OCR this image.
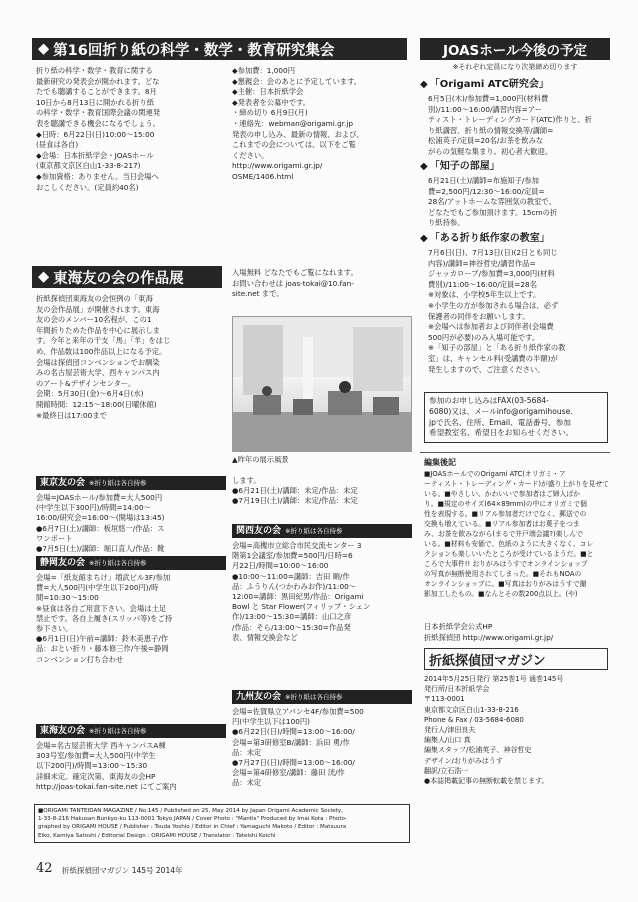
◆ 第16回折り紙の科学・数学・教育研究集会

折り紙の科学・数学・教育に関する
最新研究の発表会が開かれます。どな
たでも聴講することができます。8月
10日から8月13日に開かれる折り紙
の科学・数学・教育国際会議の関連発
表を聴講できる機会になるでしょう。
◆日時：6月22日(日)10:00〜15:00
(昼食は各自)
◆会場：日本折紙学会・JOASホール
(東京都文京区白山1-33-8-217)
◆参加資格：ありません。当日会場へ
おこしください。(定員約40名)

◆参加費：1,000円
◆懇親会：会のあとに予定しています。
◆主催：日本折紙学会
◆発表者を公募中です。
・締め切り 6月9日(月)
・連絡先：webman@origami.gr.jp
発表の申し込み、最新の情報、および、
これまでの会については、以下をご覧
ください。
http://www.origami.gr.jp/
OSME/1406.html

◆ 東海友の会の作品展

折紙探偵団東海友の会恒例の「東海
友の会作品展」が開催されます。東海
友の会のメンバー10名程が、この1
年間折りためた作品を中心に展示しま
す。今年と来年の干支「馬」「羊」をはじ
め、作品数は100作品以上になる予定。
会場は探偵団コンベンションでお馴染
みの名古屋芸術大学、西キャンパス内
のアート&デザインセンター。
会期：5月30日(金)〜6月4日(水)
開館時間：12:15〜18:00(日曜休館)
※最終日は17:00まで

入場無料 どなたでもご覧になれます。
お問い合わせは joas-tokai@10.fan-
site.net まで。

▲昨年の展示風景

東京友の会 ※折り紙は各自持参

会場=JOASホール/参加費=大人500円
(中学生以下300円)/時間=14:00〜
16:00/研究会=16:00〜(開場は13:45)
●6月7日(土)/講師：板垣悠一/作品：ス
ワンボート
●7月5日(土)/講師：堀口直人/作品：靴

静岡友の会 ※折り紙は各自持参

会場=「紙友館まちけ」増武ビル3F/参加
費=大人500円(中学生以下200円)/時
間=10:30〜15:00
※昼食は各自ご用意下さい。会場は土足
禁止です。各自上履き(スリッパ等)をご持
参下さい。
●6月1日(日)午前=講師：鈴木美恵子/作
品：おとい折り・藤本修三作/午後=静岡
コンベンション打ち合わせ

東海友の会 ※折り紙は各自持参

会場=名古屋芸術大学 西キャンパスA棟
303号室/参加費=大人500円(中学生
以下200円)/時間=13:00〜15:30
詳細未定。確定次第、東海友の会HP
http://joas-tokai.fan-site.net にてご案内

します。
●6月21日(土)/講師：未定/作品：未定
●7月19日(土)/講師：未定/作品：未定

関西友の会 ※折り紙は各自持参

会場=高槻市立総合市民交流センター 3
階第1会議室/参加費=500円/日時=6
月22日/時間=10:00〜16:00
●10:00〜11:00=講師：吉田 順/作
品：ふうりん(つかわみお作)/11:00〜
12:00=講師：黒田紀男/作品：Origami
Bowl と Star Flower(フィリップ・シェン
作)/13:00〜15:30=講師：山口之彦
/作品：そら/13:00〜15:30=作品発
表、情報交換会など

九州友の会 ※折り紙は各自持参

会場=佐賀県立アバンセ4F/参加費=500
円(中学生以下は100円)
●6月22日(日)/時間=13:00〜16:00/
会場=第3研修室B/講師：浜田 勇/作
品：未定
●7月27日(日)/時間=13:00〜16:00/
会場=第4研修室/講師：藤田 洸/作
品：未定

JOASホール今後の予定
※それぞれ定員になり次第締め切ります
◆ 「Origami ATC研究会」

6月5日(木)/参加費=1,000円(材料費
別)/11:00〜16:00/講習内容=アー
ティスト・トレーディングカード(ATC)作りと、折
り紙講習、折り紙の情報交換等/講師=
松浦英子/定員=20名/お茶を飲みな
がらの気軽な集まり。初心者大歓迎。

◆ 「知子の部屋」

6月21日(土)/講師=布施知子/参加
費=2,500円/12:30〜16:00/定員=
28名/アットホームな雰囲気の教室で、
どなたでもご参加頂けます。15cmの折
り紙持参。

◆ 「ある折り紙作家の教室」

7月6日(日)、7月13日(日)(2日とも同じ
内容)/講師=神谷哲史/講習作品=
ジャッカローブ/参加費=3,000円(材料
費別)/11:00〜16:00/定員=28名
※対象は、小学校5年生以上です。
※小学生の方が参加される場合は、必ず
保護者の同伴をお願いします。
※会場へは参加者および同伴者(会場費
500円が必要)のみ入場可能です。
※「知子の部屋」と「ある折り紙作家の教
室」は、キャンセル料(受講費の半額)が
発生しますので、ご注意ください。

参加のお申し込みはFAX(03-5684-
6080)又は、メールinfo@origamihouse.
jpで氏名、住所、Email、電話番号、参加
希望教室名、希望日をお知らせください。

編集後記

■JOASホールでのOrigami ATC(オリガミ・ア
ーティスト・トレーディング・カード)が盛り上がりを見せて
いる。■やさしい、かわいいで参加者はご婦人ばか
り。■規定のサイズ(64×89mm)の中にオリガミで個
性を表現する。■リアル参加者だけでなく、郵送での
交換も増えている。■リアル参加者はお菓子をつま
み、お茶を飲みながら(まるで井戸端会議?)楽しんで
いる。■材料も安価で、色紙のように大きくなく、コレ
クションも楽しいいたところが受けているようだ。■と
ころで大事件!! おりがみはうすでオンラインショップ
の写真が無断使用されてしまった。■それもNOAの
オンラインショップに。■写真はおりがみはうすで撮
影加工したもの。■なんとその数200点以上。(や)

日本折紙学会公式HP
折紙探偵団 http://www.origami.gr.jp/

折紙探偵団マガジン

2014年5月25日発行 第25巻1号 通巻145号
発行所/日本折紙学会
〒113-0001
東京都文京区白山1-33-8-216
Phone & Fax / 03-5684-6080
発行人/津田良夫
編集人/山口 真
編集スタッフ/松浦英子、神谷哲史
デザイン/おりがみはうす
翻訳/立石浩一
●本誌掲載記事の無断転載を禁じます。

■ORIGAMI TANTEIDAN MAGAZINE / No.145 / Published on 25, May 2014 by Japan Origami Academic Society,
1-33-8-216 Hakusan Bunkyo-ku 113-0001 Tokyo JAPAN / Cover Photo : "Mantis" Produced by Imai Kota : Photo-
graphed by ORIGAMI HOUSE / Publisher : Tsuda Yoshio / Editor in Chief : Yamaguchi Makoto / Editor : Matsuura
Eiko, Kamiya Satoshi / Editorial Design : ORIGAMI HOUSE / Translator : Tateishi Koichi

42 折紙探偵団マガジン 145号 2014年
